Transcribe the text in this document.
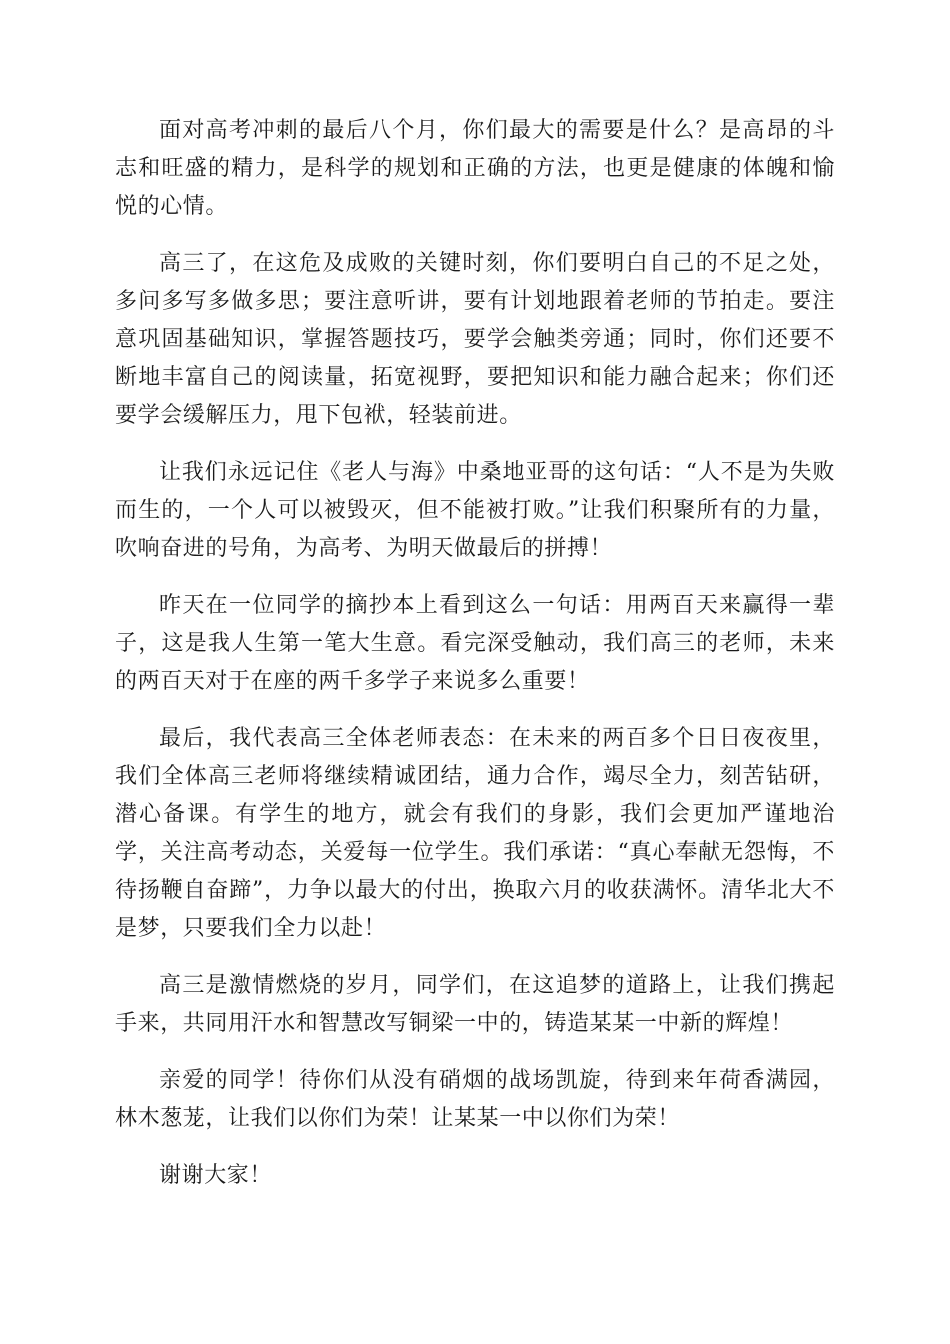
面对高考冲刺的最后八个月，你们最大的需要是什么？是高昂的斗志和旺盛的精力，是科学的规划和正确的方法，也更是健康的体魄和愉悦的心情。

高三了，在这危及成败的关键时刻，你们要明白自己的不足之处，多问多写多做多思；要注意听讲，要有计划地跟着老师的节拍走。要注意巩固基础知识，掌握答题技巧，要学会触类旁通；同时，你们还要不断地丰富自己的阅读量，拓宽视野，要把知识和能力融合起来；你们还要学会缓解压力，甩下包袱，轻装前进。

让我们永远记住《老人与海》中桑地亚哥的这句话：“人不是为失败而生的，一个人可以被毁灭，但不能被打败。”让我们积聚所有的力量，吹响奋进的号角，为高考、为明天做最后的拼搏！

昨天在一位同学的摘抄本上看到这么一句话：用两百天来赢得一辈子，这是我人生第一笔大生意。看完深受触动，我们高三的老师，未来的两百天对于在座的两千多学子来说多么重要！

最后，我代表高三全体老师表态：在未来的两百多个日日夜夜里，我们全体高三老师将继续精诚团结，通力合作，竭尽全力，刻苦钻研，潜心备课。有学生的地方，就会有我们的身影，我们会更加严谨地治学，关注高考动态，关爱每一位学生。我们承诺：“真心奉献无怨悔，不待扬鞭自奋蹄”，力争以最大的付出，换取六月的收获满怀。清华北大不是梦，只要我们全力以赴！

高三是激情燃烧的岁月，同学们，在这追梦的道路上，让我们携起手来，共同用汗水和智慧改写铜梁一中的，铸造某某一中新的辉煌！

亲爱的同学！待你们从没有硝烟的战场凯旋，待到来年荷香满园，林木葱茏，让我们以你们为荣！让某某一中以你们为荣！

谢谢大家！
